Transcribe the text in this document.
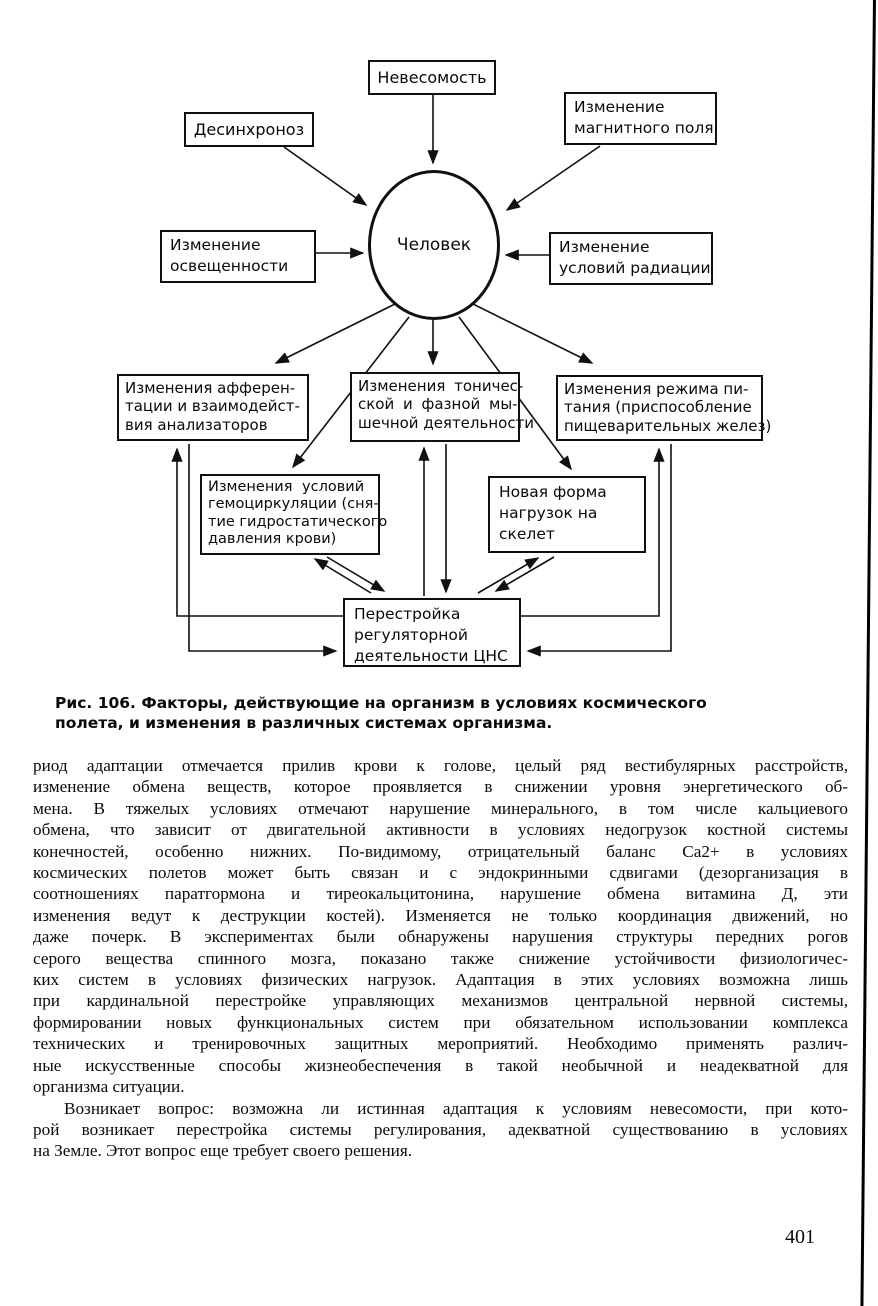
Невесомость
Десинхроноз
Изменение
магнитного поля
Изменение
освещенности
Изменение
условий радиации
Человек
Изменения афферен-
тации и взаимодейст-
вия анализаторов
Изменения тоничес-
ской и фазной мы-
шечной деятельности
Изменения режима пи-
тания (приспособление
пищеварительных желез)
Изменения условий
гемоциркуляции (сня-
тие гидростатического
давления крови)
Новая форма
нагрузок на
скелет
Перестройка
регуляторной
деятельности ЦНС
Рис. 106. Факторы, действующие на организм в условиях космического
полета, и изменения в различных системах организма.
риод адаптации отмечается прилив крови к голове, целый ряд вестибулярных расстройств,
изменение обмена веществ, которое проявляется в снижении уровня энергетического об-
мена. В тяжелых условиях отмечают нарушение минерального, в том числе кальциевого
обмена, что зависит от двигательной активности в условиях недогрузок костной системы
конечностей, особенно нижних. По-видимому, отрицательный баланс Са2+ в условиях
космических полетов может быть связан и с эндокринными сдвигами (дезорганизация в
соотношениях паратгормона и тиреокальцитонина, нарушение обмена витамина Д, эти
изменения ведут к деструкции костей). Изменяется не только координация движений, но
даже почерк. В экспериментах были обнаружены нарушения структуры передних рогов
серого вещества спинного мозга, показано также снижение устойчивости физиологичес-
ких систем в условиях физических нагрузок. Адаптация в этих условиях возможна лишь
при кардинальной перестройке управляющих механизмов центральной нервной системы,
формировании новых функциональных систем при обязательном использовании комплекса
технических и тренировочных защитных мероприятий. Необходимо применять различ-
ные искусственные способы жизнеобеспечения в такой необычной и неадекватной для
организма ситуации.
Возникает вопрос: возможна ли истинная адаптация к условиям невесомости, при кото-
рой возникает перестройка системы регулирования, адекватной существованию в условиях
на Земле. Этот вопрос еще требует своего решения.
401
